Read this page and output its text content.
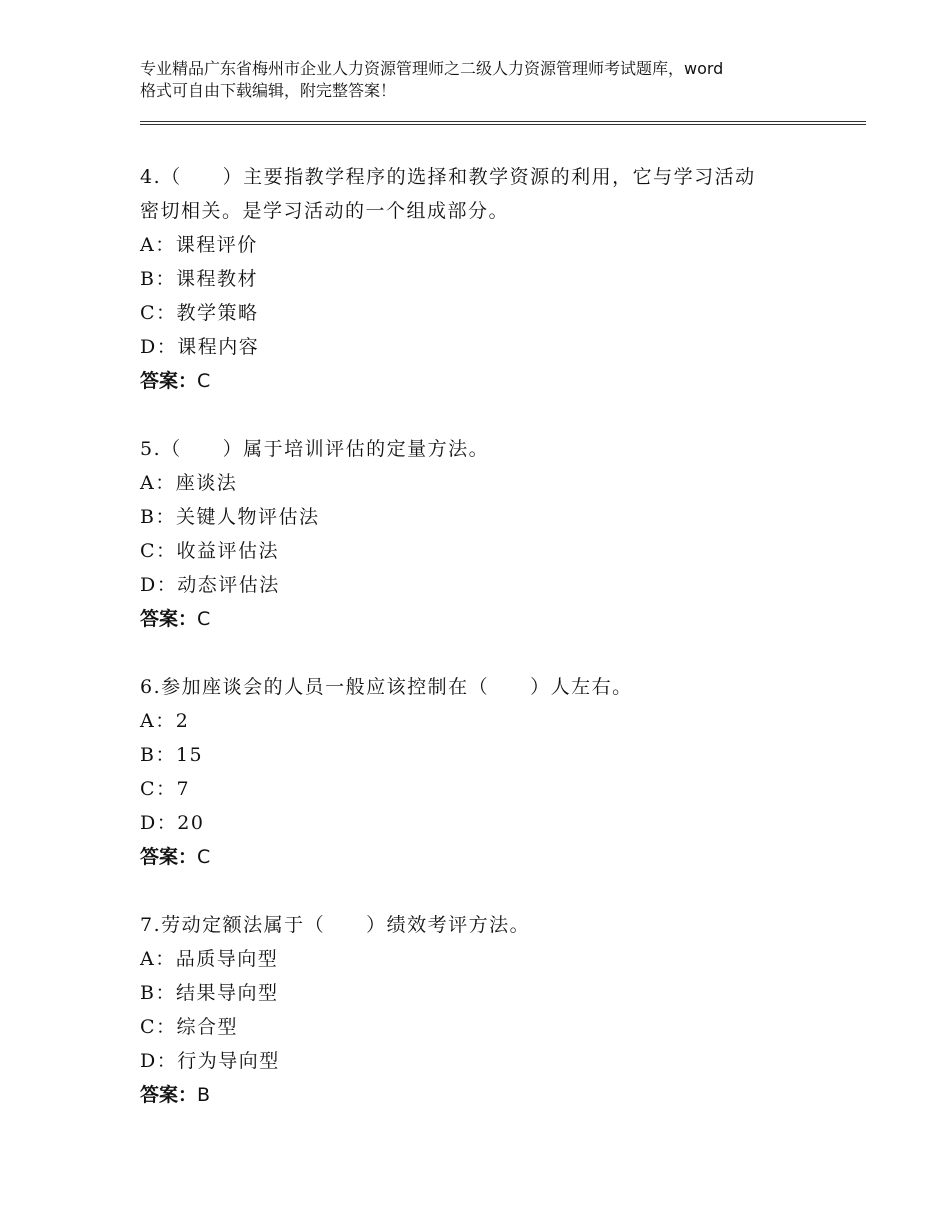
专业精品广东省梅州市企业人力资源管理师之二级人力资源管理师考试题库，word
格式可自由下载编辑，附完整答案！
4.（　　）主要指教学程序的选择和教学资源的利用，它与学习活动
密切相关。是学习活动的一个组成部分。
A：课程评价
B：课程教材
C：教学策略
D：课程内容
答案：C
5.（　　）属于培训评估的定量方法。
A：座谈法
B：关键人物评估法
C：收益评估法
D：动态评估法
答案：C
6.参加座谈会的人员一般应该控制在（　　）人左右。
A：2
B：15
C：7
D：20
答案：C
7.劳动定额法属于（　　）绩效考评方法。
A：品质导向型
B：结果导向型
C：综合型
D：行为导向型
答案：B
